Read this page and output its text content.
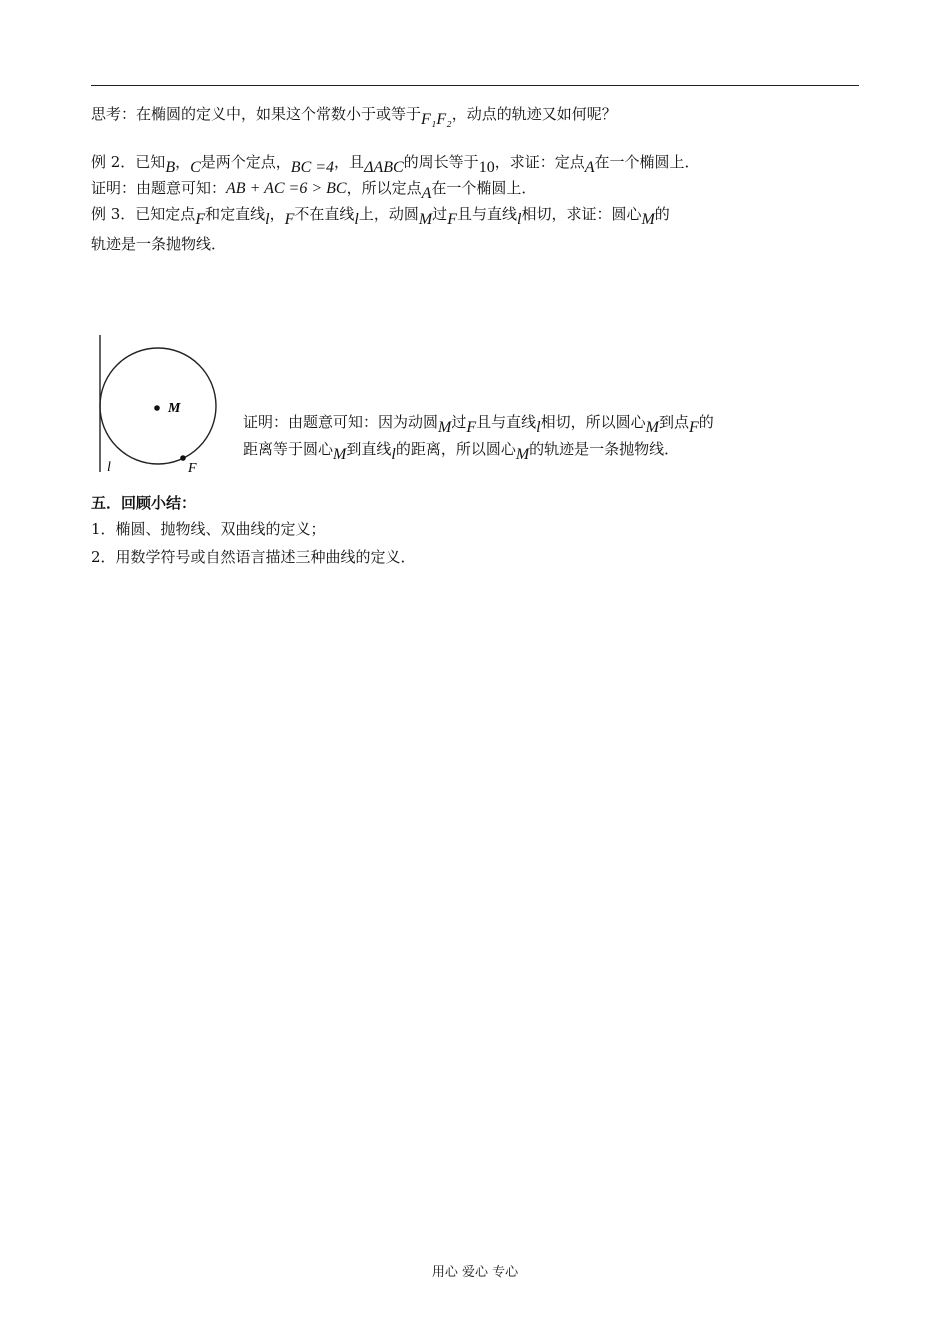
思考：在椭圆的定义中，如果这个常数小于或等于F₁F₂，动点的轨迹又如何呢？
例 2．已知B，C是两个定点，BC =4，且ΔABC的周长等于10，求证：定点A在一个椭圆上．
证明：由题意可知：AB + AC =6 > BC，所以定点A在一个椭圆上．
例 3．已知定点F和定直线l，F不在直线l上，动圆M过F且与直线l相切，求证：圆心M的
轨迹是一条抛物线．
M
l	F
证明：由题意可知：因为动圆M过F且与直线l相切，所以圆心M到点F的
距离等于圆心M到直线l的距离，所以圆心M的轨迹是一条抛物线．
五．回顾小结：
1．椭圆、抛物线、双曲线的定义；
2．用数学符号或自然语言描述三种曲线的定义．
用心 爱心 专心
